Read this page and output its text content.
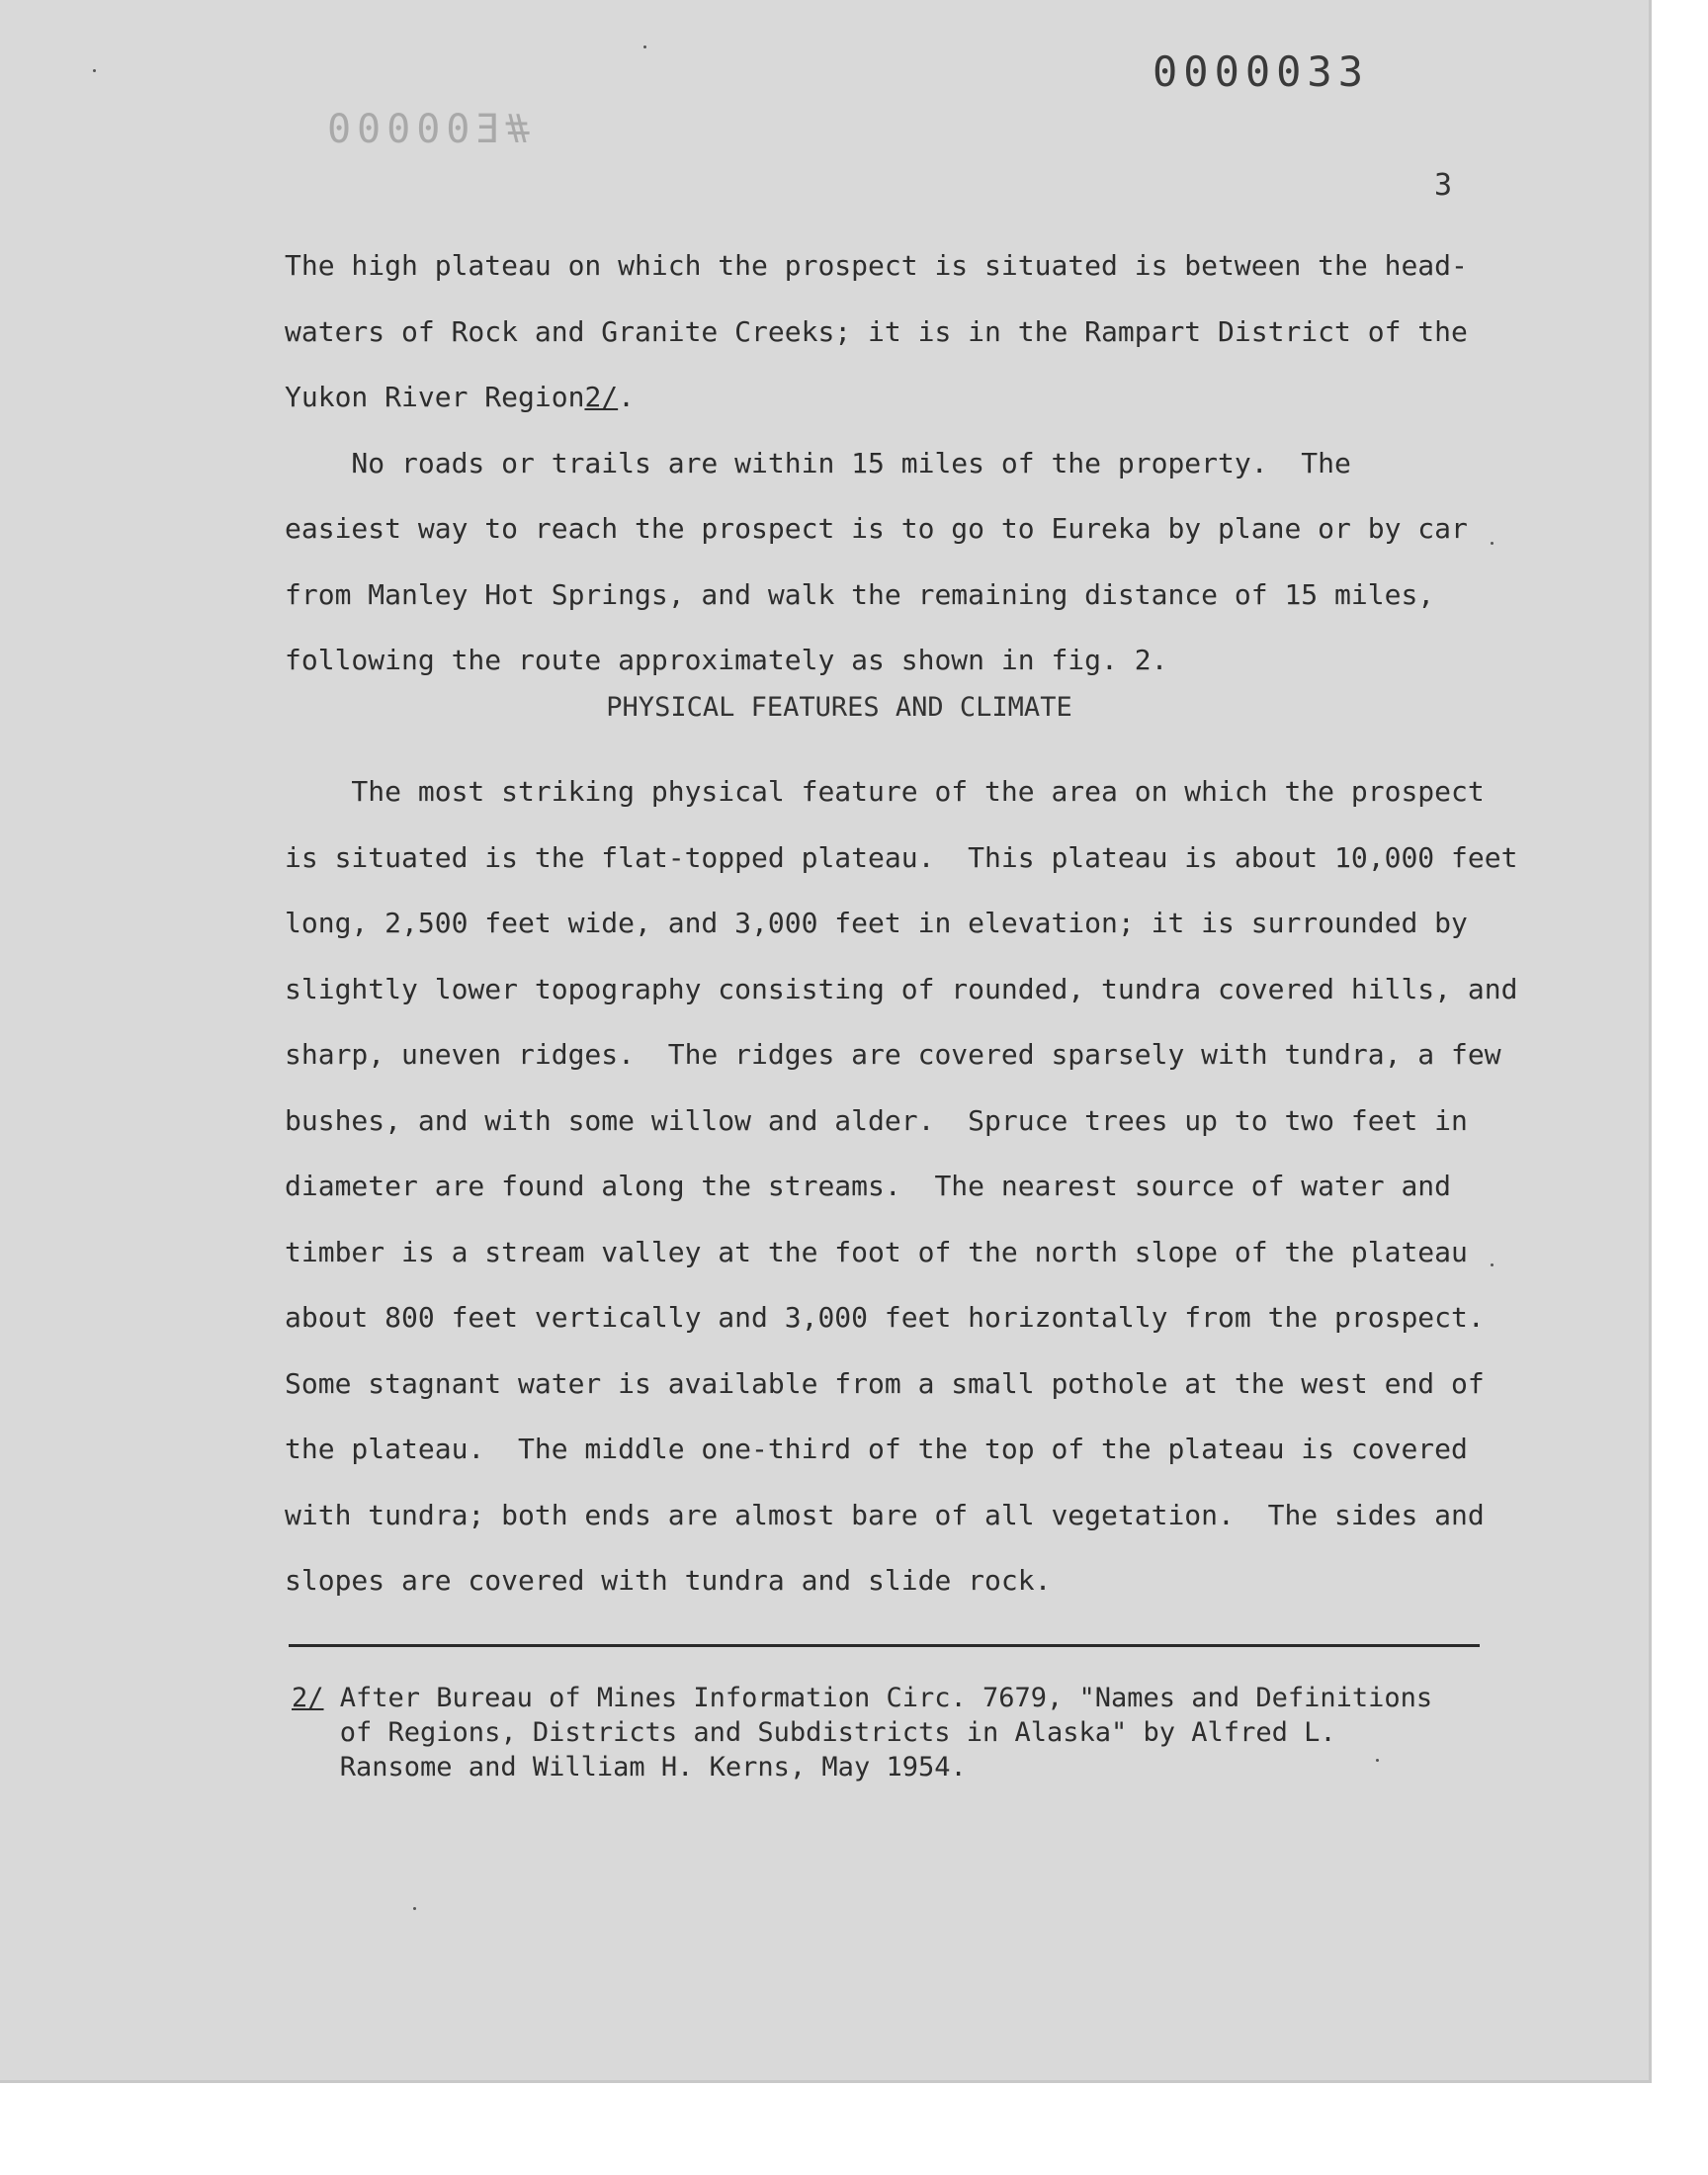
0000033
#E00000
3
The high plateau on which the prospect is situated is between the head-
waters of Rock and Granite Creeks; it is in the Rampart District of the
Yukon River Region2/.
No roads or trails are within 15 miles of the property.  The
easiest way to reach the prospect is to go to Eureka by plane or by car
from Manley Hot Springs, and walk the remaining distance of 15 miles,
following the route approximately as shown in fig. 2.
The most striking physical feature of the area on which the prospect
is situated is the flat-topped plateau.  This plateau is about 10,000 feet
long, 2,500 feet wide, and 3,000 feet in elevation; it is surrounded by
slightly lower topography consisting of rounded, tundra covered hills, and
sharp, uneven ridges.  The ridges are covered sparsely with tundra, a few
bushes, and with some willow and alder.  Spruce trees up to two feet in
diameter are found along the streams.  The nearest source of water and
timber is a stream valley at the foot of the north slope of the plateau
about 800 feet vertically and 3,000 feet horizontally from the prospect.
Some stagnant water is available from a small pothole at the west end of
the plateau.  The middle one-third of the top of the plateau is covered
with tundra; both ends are almost bare of all vegetation.  The sides and
slopes are covered with tundra and slide rock.
PHYSICAL FEATURES AND CLIMATE
2/ After Bureau of Mines Information Circ. 7679, "Names and Definitions
of Regions, Districts and Subdistricts in Alaska" by Alfred L.
Ransome and William H. Kerns, May 1954.
